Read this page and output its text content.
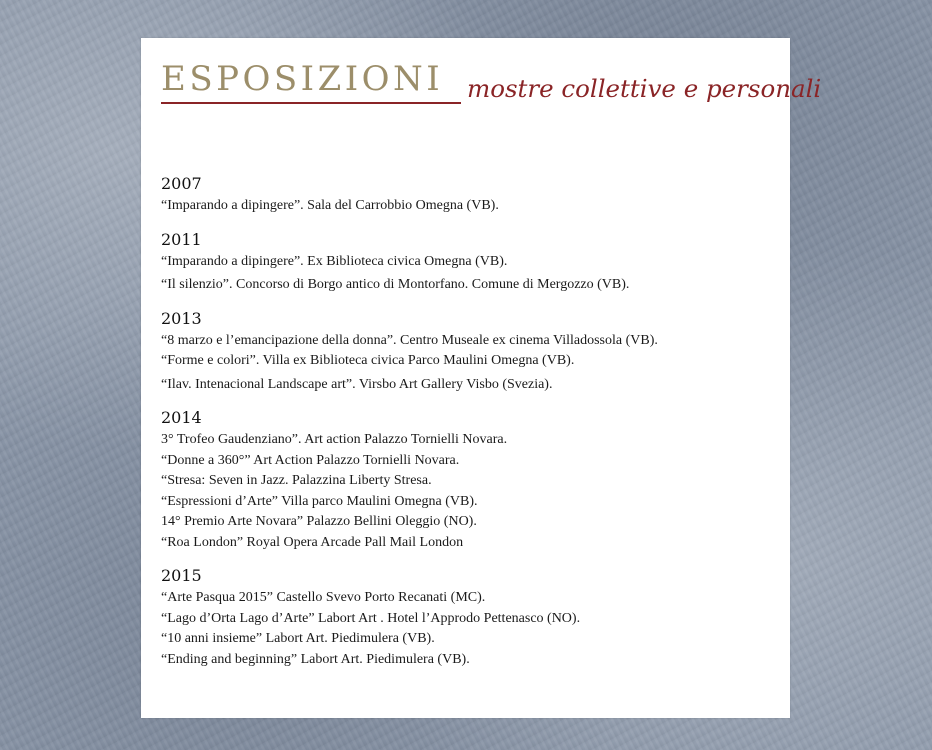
ESPOSIZIONI mostre collettive e personali
2007
“Imparando a dipingere”. Sala del Carrobbio Omegna (VB).
2011
“Imparando a dipingere”. Ex Biblioteca civica Omegna (VB).
“Il silenzio”. Concorso di Borgo antico di Montorfano. Comune di Mergozzo (VB).
2013
“8 marzo e l’emancipazione della donna”. Centro Museale ex cinema Villadossola (VB).
“Forme e colori”. Villa ex Biblioteca civica Parco Maulini Omegna (VB).
“Ilav. Intenacional Landscape art”. Virsbo Art Gallery Visbo (Svezia).
2014
3° Trofeo Gaudenziano”. Art action Palazzo Tornielli Novara.
“Donne a 360°” Art Action Palazzo Tornielli Novara.
“Stresa: Seven in Jazz. Palazzina Liberty Stresa.
“Espressioni d’Arte” Villa parco Maulini Omegna (VB).
14° Premio Arte Novara” Palazzo Bellini Oleggio (NO).
“Roa London” Royal Opera Arcade Pall Mail London
2015
“Arte Pasqua 2015” Castello Svevo Porto Recanati (MC).
“Lago d’Orta Lago d’Arte” Labort Art . Hotel l’Approdo Pettenasco (NO).
“10 anni insieme” Labort Art. Piedimulera (VB).
“Ending and beginning” Labort Art. Piedimulera (VB).
